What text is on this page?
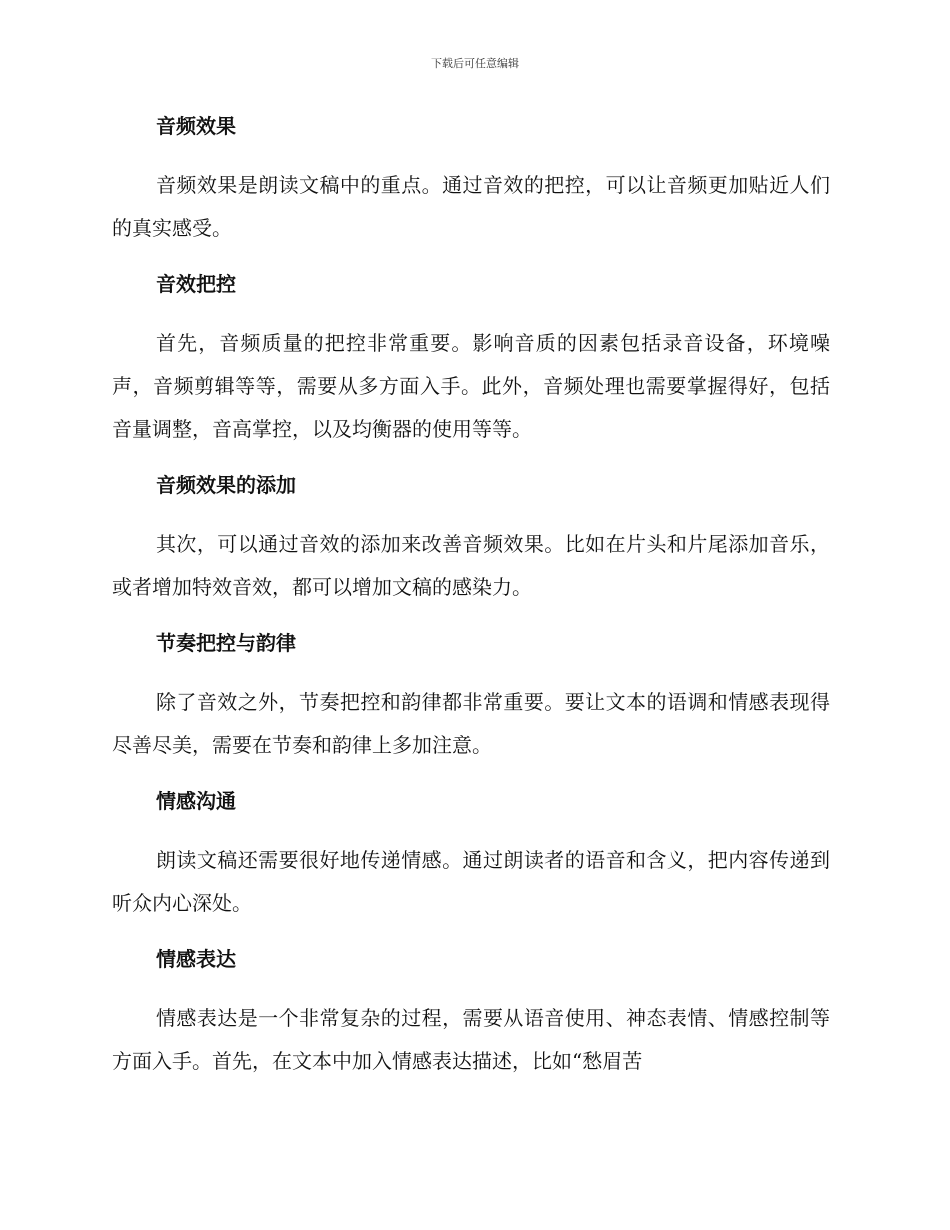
下载后可任意编辑
音频效果

音频效果是朗读文稿中的重点。通过音效的把控，可以让音频更加贴近人们的真实感受。

音效把控

首先，音频质量的把控非常重要。影响音质的因素包括录音设备，环境噪声，音频剪辑等等，需要从多方面入手。此外，音频处理也需要掌握得好，包括音量调整，音高掌控，以及均衡器的使用等等。

音频效果的添加

其次，可以通过音效的添加来改善音频效果。比如在片头和片尾添加音乐，或者增加特效音效，都可以增加文稿的感染力。

节奏把控与韵律

除了音效之外，节奏把控和韵律都非常重要。要让文本的语调和情感表现得尽善尽美，需要在节奏和韵律上多加注意。

情感沟通

朗读文稿还需要很好地传递情感。通过朗读者的语音和含义，把内容传递到听众内心深处。

情感表达

情感表达是一个非常复杂的过程，需要从语音使用、神态表情、情感控制等方面入手。首先，在文本中加入情感表达描述，比如“愁眉苦
